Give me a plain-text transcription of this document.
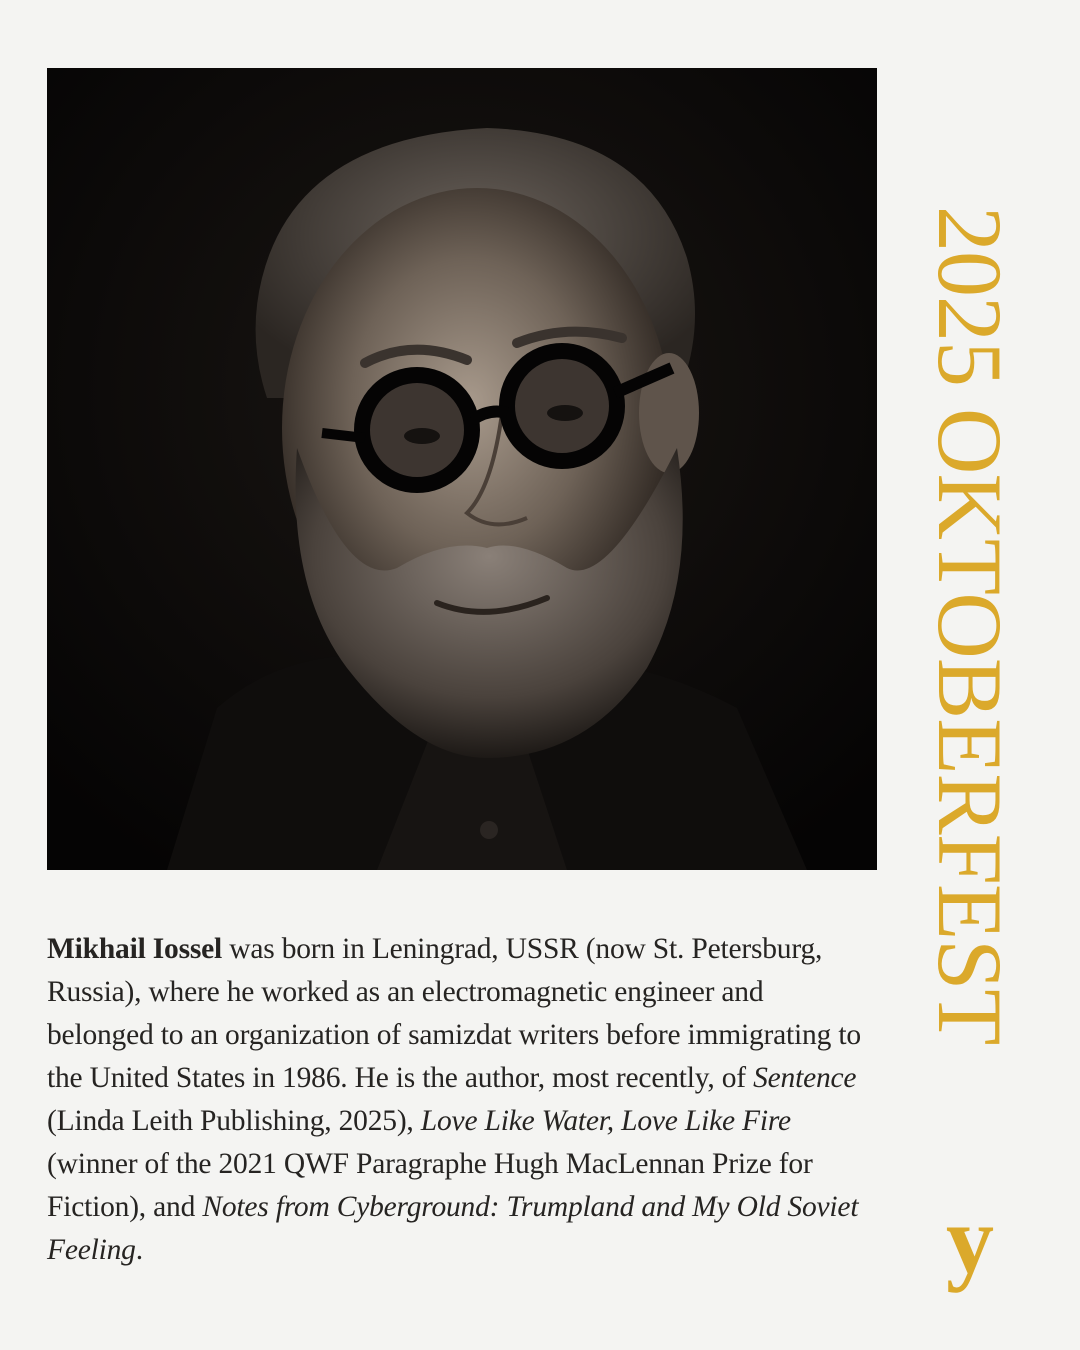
Mikhail Iossel was born in Leningrad, USSR (now St. Petersburg, Russia), where he worked as an electromagnetic engineer and belonged to an organization of samizdat writers before immigrating to the United States in 1986. He is the author, most recently, of Sentence (Linda Leith Publishing, 2025), Love Like Water, Love Like Fire (winner of the 2021 QWF Paragraphe Hugh MacLennan Prize for Fiction), and Notes from Cyberground: Trumpland and My Old Soviet Feeling.
2025 OKTOBERFEST
y
